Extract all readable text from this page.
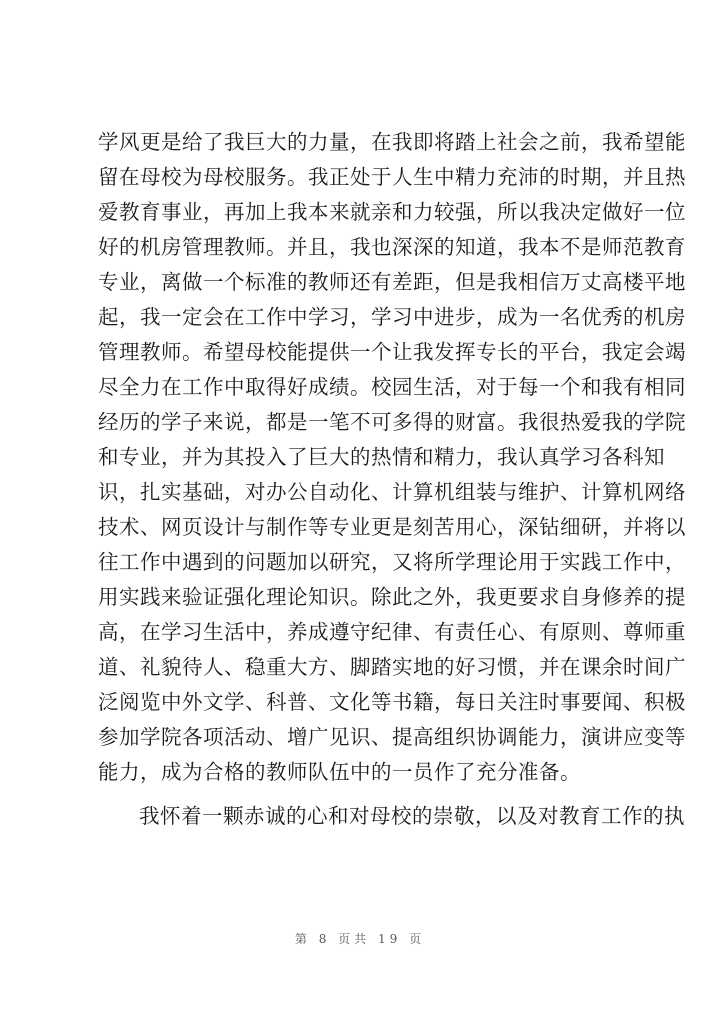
学风更是给了我巨大的力量，在我即将踏上社会之前，我希望能
留在母校为母校服务。我正处于人生中精力充沛的时期，并且热
爱教育事业，再加上我本来就亲和力较强，所以我决定做好一位
好的机房管理教师。并且，我也深深的知道，我本不是师范教育
专业，离做一个标准的教师还有差距，但是我相信万丈高楼平地
起，我一定会在工作中学习，学习中进步，成为一名优秀的机房
管理教师。希望母校能提供一个让我发挥专长的平台，我定会竭
尽全力在工作中取得好成绩。校园生活，对于每一个和我有相同
经历的学子来说，都是一笔不可多得的财富。我很热爱我的学院
和专业，并为其投入了巨大的热情和精力，我认真学习各科知
识，扎实基础，对办公自动化、计算机组装与维护、计算机网络
技术、网页设计与制作等专业更是刻苦用心，深钻细研，并将以
往工作中遇到的问题加以研究，又将所学理论用于实践工作中，
用实践来验证强化理论知识。除此之外，我更要求自身修养的提
高，在学习生活中，养成遵守纪律、有责任心、有原则、尊师重
道、礼貌待人、稳重大方、脚踏实地的好习惯，并在课余时间广
泛阅览中外文学、科普、文化等书籍，每日关注时事要闻、积极
参加学院各项活动、增广见识、提高组织协调能力，演讲应变等
能力，成为合格的教师队伍中的一员作了充分准备。
我怀着一颗赤诚的心和对母校的崇敬，以及对教育工作的执
第 8 页共 19 页
